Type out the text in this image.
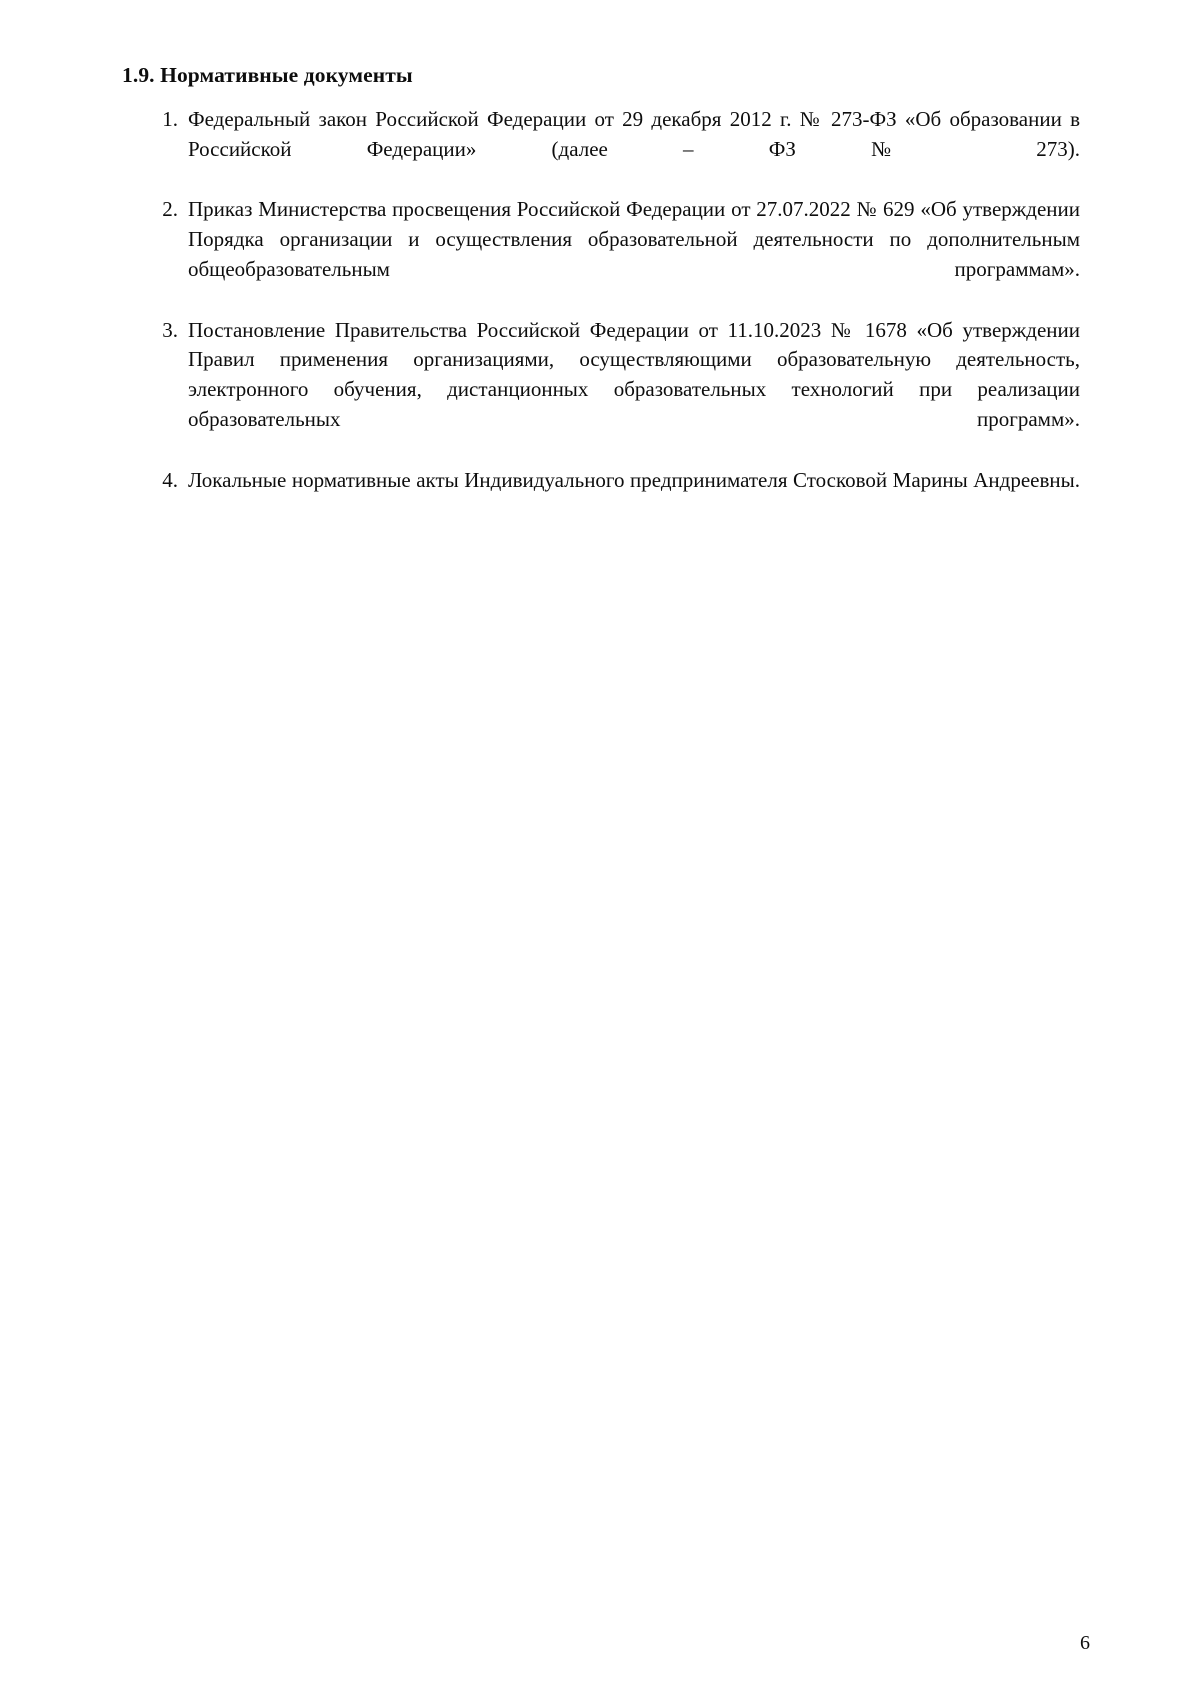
1.9. Нормативные документы
1. Федеральный закон Российской Федерации от 29 декабря 2012 г. № 273-ФЗ «Об образовании в Российской Федерации» (далее – ФЗ № 273).
2. Приказ Министерства просвещения Российской Федерации от 27.07.2022 № 629 «Об утверждении Порядка организации и осуществления образовательной деятельности по дополнительным общеобразовательным программам».
3. Постановление Правительства Российской Федерации от 11.10.2023 № 1678 «Об утверждении Правил применения организациями, осуществляющими образовательную деятельность, электронного обучения, дистанционных образовательных технологий при реализации образовательных программ».
4. Локальные нормативные акты Индивидуального предпринимателя Стосковой Марины Андреевны.
6
